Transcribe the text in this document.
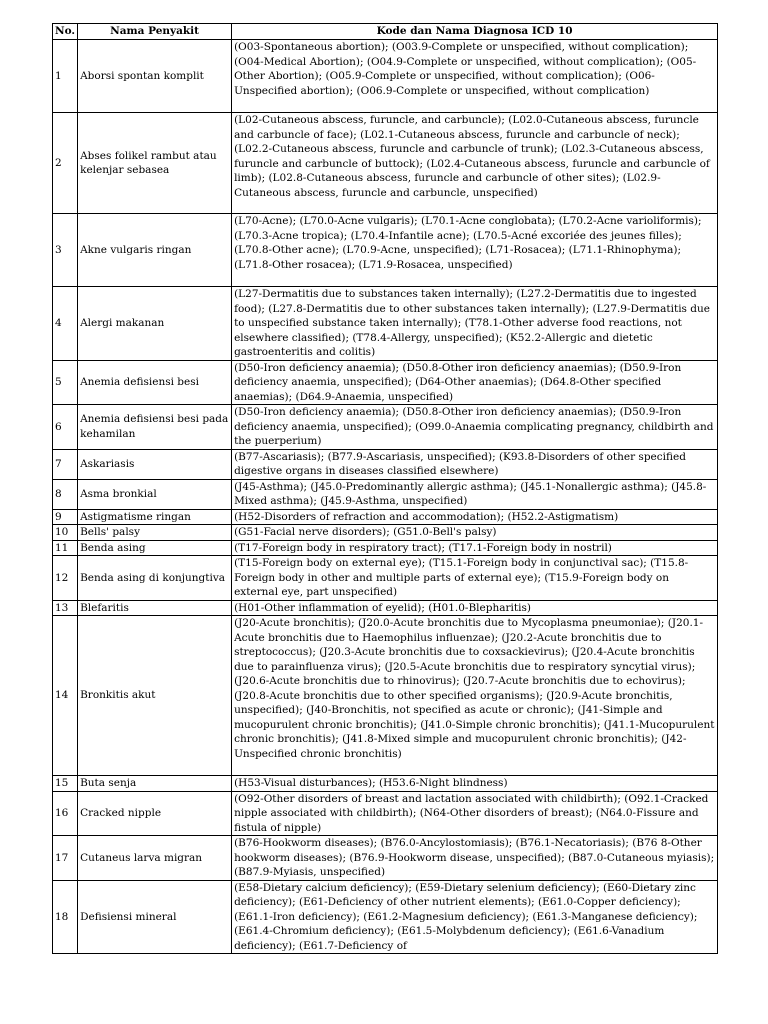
No.	Nama Penyakit	Kode dan Nama Diagnosa ICD 10
1	Aborsi spontan komplit	(O03-Spontaneous abortion); (O03.9-Complete or unspecified, without complication); (O04-Medical Abortion); (O04.9-Complete or unspecified, without complication); (O05-Other Abortion); (O05.9-Complete or unspecified, without complication); (O06-Unspecified abortion); (O06.9-Complete or unspecified, without complication)
2	Abses folikel rambut atau kelenjar sebasea	(L02-Cutaneous abscess, furuncle, and carbuncle); (L02.0-Cutaneous abscess, furuncle and carbuncle of face); (L02.1-Cutaneous abscess, furuncle and carbuncle of neck); (L02.2-Cutaneous abscess, furuncle and carbuncle of trunk); (L02.3-Cutaneous abscess, furuncle and carbuncle of buttock); (L02.4-Cutaneous abscess, furuncle and carbuncle of limb); (L02.8-Cutaneous abscess, furuncle and carbuncle of other sites); (L02.9-Cutaneous abscess, furuncle and carbuncle, unspecified)
3	Akne vulgaris ringan	(L70-Acne); (L70.0-Acne vulgaris); (L70.1-Acne conglobata); (L70.2-Acne varioliformis); (L70.3-Acne tropica); (L70.4-Infantile acne); (L70.5-Acné excoriée des jeunes filles); (L70.8-Other acne); (L70.9-Acne, unspecified); (L71-Rosacea); (L71.1-Rhinophyma); (L71.8-Other rosacea); (L71.9-Rosacea, unspecified)
4	Alergi makanan	(L27-Dermatitis due to substances taken internally); (L27.2-Dermatitis due to ingested food); (L27.8-Dermatitis due to other substances taken internally); (L27.9-Dermatitis due to unspecified substance taken internally); (T78.1-Other adverse food reactions, not elsewhere classified); (T78.4-Allergy, unspecified); (K52.2-Allergic and dietetic gastroenteritis and colitis)
5	Anemia defisiensi besi	(D50-Iron deficiency anaemia); (D50.8-Other iron deficiency anaemias); (D50.9-Iron deficiency anaemia, unspecified); (D64-Other anaemias); (D64.8-Other specified anaemias); (D64.9-Anaemia, unspecified)
6	Anemia defisiensi besi pada kehamilan	(D50-Iron deficiency anaemia); (D50.8-Other iron deficiency anaemias); (D50.9-Iron deficiency anaemia, unspecified); (O99.0-Anaemia complicating pregnancy, childbirth and the puerperium)
7	Askariasis	(B77-Ascariasis); (B77.9-Ascariasis, unspecified); (K93.8-Disorders of other specified digestive organs in diseases classified elsewhere)
8	Asma bronkial	(J45-Asthma); (J45.0-Predominantly allergic asthma); (J45.1-Nonallergic asthma); (J45.8-Mixed asthma); (J45.9-Asthma, unspecified)
9	Astigmatisme ringan	(H52-Disorders of refraction and accommodation); (H52.2-Astigmatism)
10	Bells' palsy	(G51-Facial nerve disorders); (G51.0-Bell's palsy)
11	Benda asing	(T17-Foreign body in respiratory tract); (T17.1-Foreign body in nostril)
12	Benda asing di konjungtiva	(T15-Foreign body on external eye); (T15.1-Foreign body in conjunctival sac); (T15.8- Foreign body in other and multiple parts of external eye); (T15.9-Foreign body on external eye, part unspecified)
13	Blefaritis	(H01-Other inflammation of eyelid); (H01.0-Blepharitis)
14	Bronkitis akut	(J20-Acute bronchitis); (J20.0-Acute bronchitis due to Mycoplasma pneumoniae); (J20.1-Acute bronchitis due to Haemophilus influenzae); (J20.2-Acute bronchitis due to streptococcus); (J20.3-Acute bronchitis due to coxsackievirus); (J20.4-Acute bronchitis due to parainfluenza virus); (J20.5-Acute bronchitis due to respiratory syncytial virus); (J20.6-Acute bronchitis due to rhinovirus); (J20.7-Acute bronchitis due to echovirus); (J20.8-Acute bronchitis due to other specified organisms); (J20.9-Acute bronchitis, unspecified); (J40-Bronchitis, not specified as acute or chronic); (J41-Simple and mucopurulent chronic bronchitis); (J41.0-Simple chronic bronchitis); (J41.1-Mucopurulent chronic bronchitis); (J41.8-Mixed simple and mucopurulent chronic bronchitis); (J42-Unspecified chronic bronchitis)
15	Buta senja	(H53-Visual disturbances); (H53.6-Night blindness)
16	Cracked nipple	(O92-Other disorders of breast and lactation associated with childbirth); (O92.1-Cracked nipple associated with childbirth); (N64-Other disorders of breast); (N64.0-Fissure and fistula of nipple)
17	Cutaneus larva migran	(B76-Hookworm diseases); (B76.0-Ancylostomiasis); (B76.1-Necatoriasis); (B76 8-Other hookworm diseases); (B76.9-Hookworm disease, unspecified); (B87.0-Cutaneous myiasis); (B87.9-Myiasis, unspecified)
18	Defisiensi mineral	(E58-Dietary calcium deficiency); (E59-Dietary selenium deficiency); (E60-Dietary zinc deficiency); (E61-Deficiency of other nutrient elements); (E61.0-Copper deficiency); (E61.1-Iron deficiency); (E61.2-Magnesium deficiency); (E61.3-Manganese deficiency); (E61.4-Chromium deficiency); (E61.5-Molybdenum deficiency); (E61.6-Vanadium deficiency); (E61.7-Deficiency of
